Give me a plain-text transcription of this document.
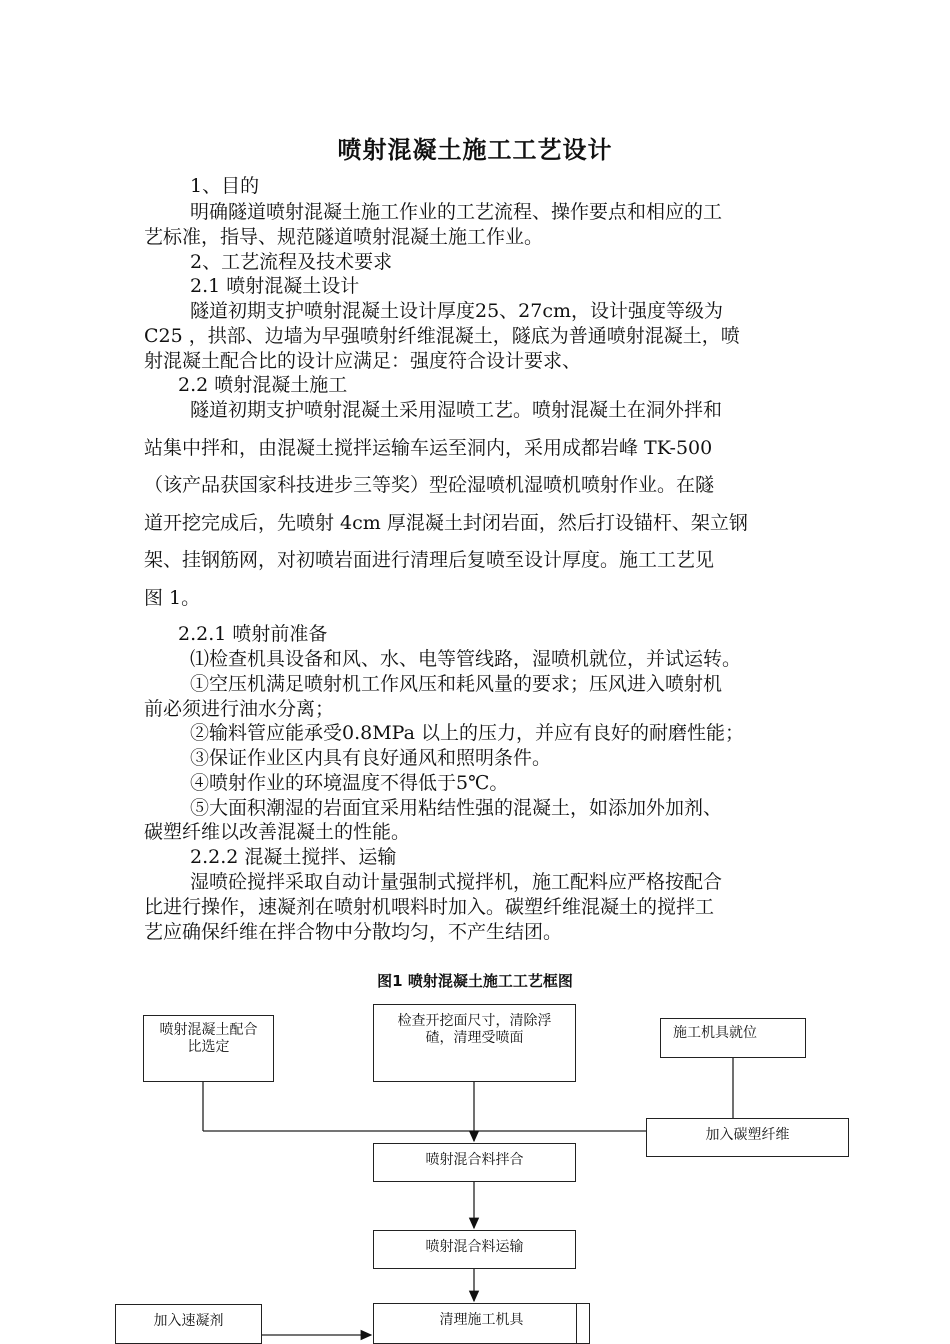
喷射混凝土施工工艺设计
1、目的
明确隧道喷射混凝土施工作业的工艺流程、操作要点和相应的工
艺标准，指导、规范隧道喷射混凝土施工作业。
2、工艺流程及技术要求
2.1 喷射混凝土设计
隧道初期支护喷射混凝土设计厚度25、27cm，设计强度等级为
C25 ，拱部、边墙为早强喷射纤维混凝土，隧底为普通喷射混凝土，喷
射混凝土配合比的设计应满足：强度符合设计要求、
2.2 喷射混凝土施工
隧道初期支护喷射混凝土采用湿喷工艺。喷射混凝土在洞外拌和
站集中拌和，由混凝土搅拌运输车运至洞内，采用成都岩峰 TK-500
（该产品获国家科技进步三等奖）型砼湿喷机湿喷机喷射作业。在隧
道开挖完成后，先喷射 4cm 厚混凝土封闭岩面，然后打设锚杆、架立钢
架、挂钢筋网，对初喷岩面进行清理后复喷至设计厚度。施工工艺见
图 1。
2.2.1 喷射前准备
⑴检查机具设备和风、水、电等管线路，湿喷机就位，并试运转。
①空压机满足喷射机工作风压和耗风量的要求；压风进入喷射机
前必须进行油水分离；
②输料管应能承受0.8MPa 以上的压力，并应有良好的耐磨性能；
③保证作业区内具有良好通风和照明条件。
④喷射作业的环境温度不得低于5℃。
⑤大面积潮湿的岩面宜采用粘结性强的混凝土，如添加外加剂、
碳塑纤维以改善混凝土的性能。
2.2.2 混凝土搅拌、运输
湿喷砼搅拌采取自动计量强制式搅拌机，施工配料应严格按配合
比进行操作，速凝剂在喷射机喂料时加入。碳塑纤维混凝土的搅拌工
艺应确保纤维在拌合物中分散均匀，不产生结团。
图1 喷射混凝土施工工艺框图
喷射混凝土配合比选定
检查开挖面尺寸，清除浮碴，清理受喷面	施工机具就位
加入碳塑纤维
喷射混合料拌合
喷射混合料运输
加入速凝剂	清理施工机具
